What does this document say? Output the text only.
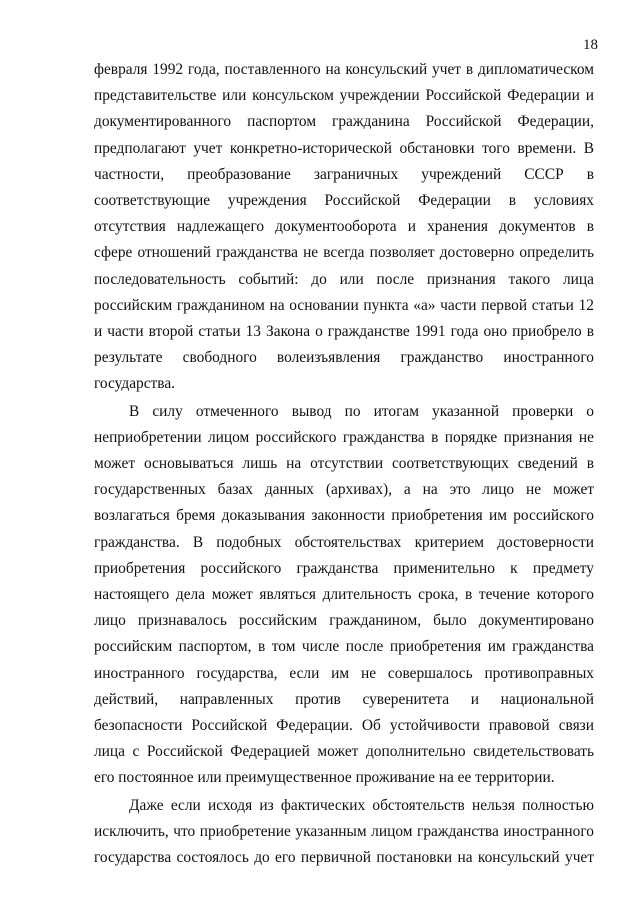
18
февраля 1992 года, поставленного на консульский учет в дипломатическом
представительстве или консульском учреждении Российской Федерации и
документированного паспортом гражданина Российской Федерации,
предполагают учет конкретно-исторической обстановки того времени. В
частности, преобразование заграничных учреждений СССР в
соответствующие учреждения Российской Федерации в условиях
отсутствия надлежащего документооборота и хранения документов в
сфере отношений гражданства не всегда позволяет достоверно определить
последовательность событий: до или после признания такого лица
российским гражданином на основании пункта «а» части первой статьи 12
и части второй статьи 13 Закона о гражданстве 1991 года оно приобрело в
результате свободного волеизъявления гражданство иностранного
государства.
В силу отмеченного вывод по итогам указанной проверки о
неприобретении лицом российского гражданства в порядке признания не
может основываться лишь на отсутствии соответствующих сведений в
государственных базах данных (архивах), а на это лицо не может
возлагаться бремя доказывания законности приобретения им российского
гражданства. В подобных обстоятельствах критерием достоверности
приобретения российского гражданства применительно к предмету
настоящего дела может являться длительность срока, в течение которого
лицо признавалось российским гражданином, было документировано
российским паспортом, в том числе после приобретения им гражданства
иностранного государства, если им не совершалось противоправных
действий, направленных против суверенитета и национальной
безопасности Российской Федерации. Об устойчивости правовой связи
лица с Российской Федерацией может дополнительно свидетельствовать
его постоянное или преимущественное проживание на ее территории.
Даже если исходя из фактических обстоятельств нельзя полностью
исключить, что приобретение указанным лицом гражданства иностранного
государства состоялось до его первичной постановки на консульский учет
